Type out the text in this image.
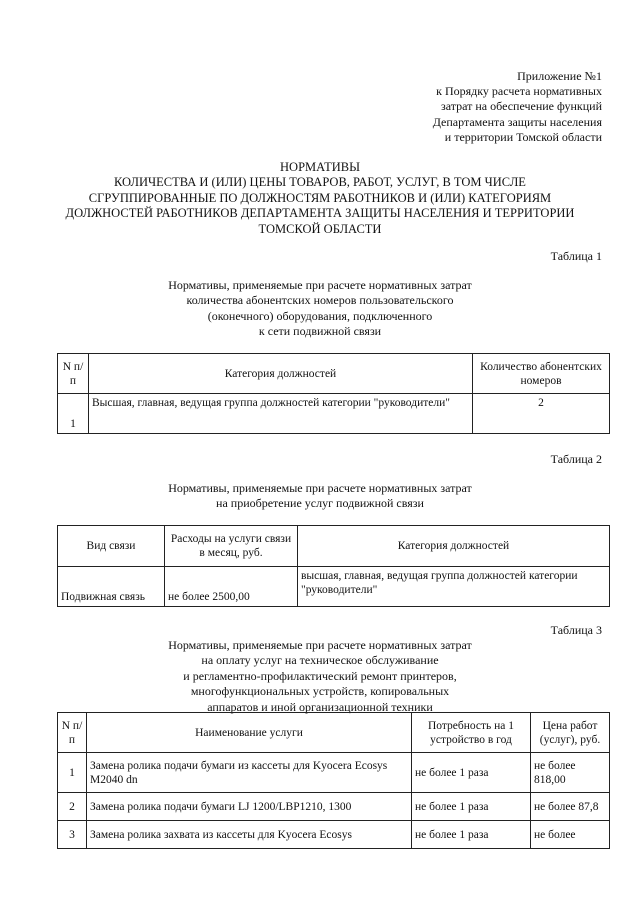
Приложение №1
к Порядку расчета нормативных
затрат на обеспечение функций
Департамента защиты населения
и территории Томской области
НОРМАТИВЫ
КОЛИЧЕСТВА И (ИЛИ) ЦЕНЫ ТОВАРОВ, РАБОТ, УСЛУГ, В ТОМ ЧИСЛЕ
СГРУППИРОВАННЫЕ ПО ДОЛЖНОСТЯМ РАБОТНИКОВ И (ИЛИ) КАТЕГОРИЯМ
ДОЛЖНОСТЕЙ РАБОТНИКОВ ДЕПАРТАМЕНТА ЗАЩИТЫ НАСЕЛЕНИЯ И ТЕРРИТОРИИ
ТОМСКОЙ ОБЛАСТИ
Таблица 1
Нормативы, применяемые при расчете нормативных затрат
количества абонентских номеров пользовательского
(оконечного) оборудования, подключенного
к сети подвижной связи
N п/п	Категория должностей	Количество абонентских номеров
1	Высшая, главная, ведущая группа должностей категории "руководители"	2
Таблица 2
Нормативы, применяемые при расчете нормативных затрат
на приобретение услуг подвижной связи
Вид связи	Расходы на услуги связи в месяц, руб.	Категория должностей
Подвижная связь	не более 2500,00	высшая, главная, ведущая группа должностей категории "руководители"
Таблица 3
Нормативы, применяемые при расчете нормативных затрат
на оплату услуг на техническое обслуживание
и регламентно-профилактический ремонт принтеров,
многофункциональных устройств, копировальных
аппаратов и иной организационной техники
N п/п	Наименование услуги	Потребность на 1 устройство в год	Цена работ (услуг), руб.
1	Замена ролика подачи бумаги из кассеты для Kyocera Ecosys M2040 dn	не более 1 раза	не более 818,00
2	Замена ролика подачи бумаги LJ 1200/LBP1210, 1300	не более 1 раза	не более 87,8
3	Замена ролика захвата из кассеты для Kyocera Ecosys	не более 1 раза	не более
